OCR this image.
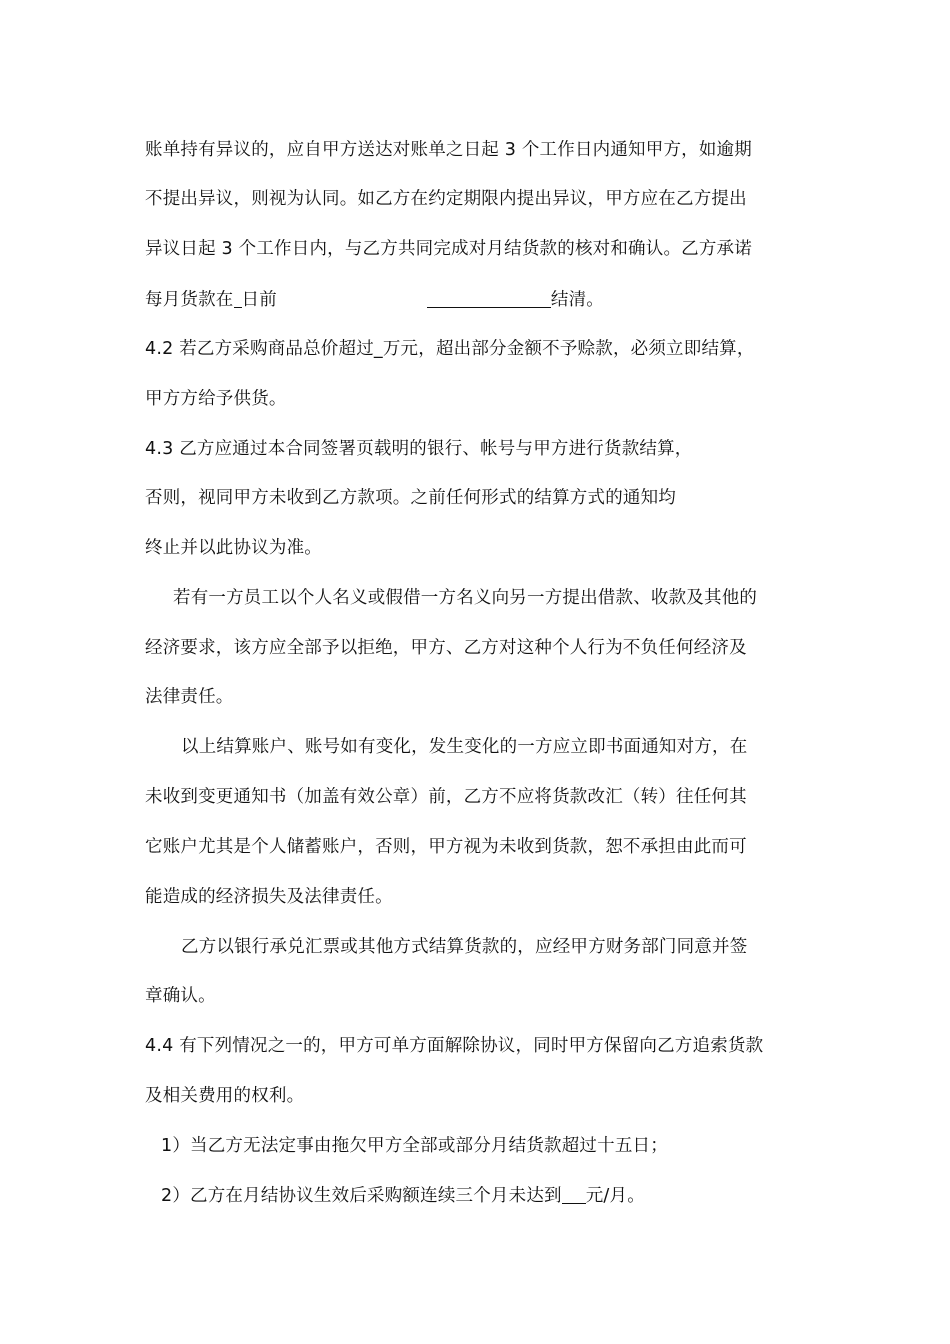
账单持有异议的，应自甲方送达对账单之日起 3 个工作日内通知甲方，如逾期
不提出异议，则视为认同。如乙方在约定期限内提出异议，甲方应在乙方提出
异议日起 3 个工作日内，与乙方共同完成对月结货款的核对和确认。乙方承诺
每月货款在 日前	结清。
4.2 若乙方采购商品总价超过_万元，超出部分金额不予赊款，必须立即结算，
甲方方给予供货。
4.3 乙方应通过本合同签署页载明的银行、帐号与甲方进行货款结算，
否则，视同甲方未收到乙方款项。之前任何形式的结算方式的通知均
终止并以此协议为准。
若有一方员工以个人名义或假借一方名义向另一方提出借款、收款及其他的
经济要求，该方应全部予以拒绝，甲方、乙方对这种个人行为不负任何经济及
法律责任。
以上结算账户、账号如有变化，发生变化的一方应立即书面通知对方，在
未收到变更通知书（加盖有效公章）前，乙方不应将货款改汇（转）往任何其
它账户尤其是个人储蓄账户，否则，甲方视为未收到货款，恕不承担由此而可
能造成的经济损失及法律责任。
乙方以银行承兑汇票或其他方式结算货款的，应经甲方财务部门同意并签
章确认。
4.4 有下列情况之一的，甲方可单方面解除协议，同时甲方保留向乙方追索货款
及相关费用的权利。
1）当乙方无法定事由拖欠甲方全部或部分月结货款超过十五日；
2）乙方在月结协议生效后采购额连续三个月未达到 元/月。
